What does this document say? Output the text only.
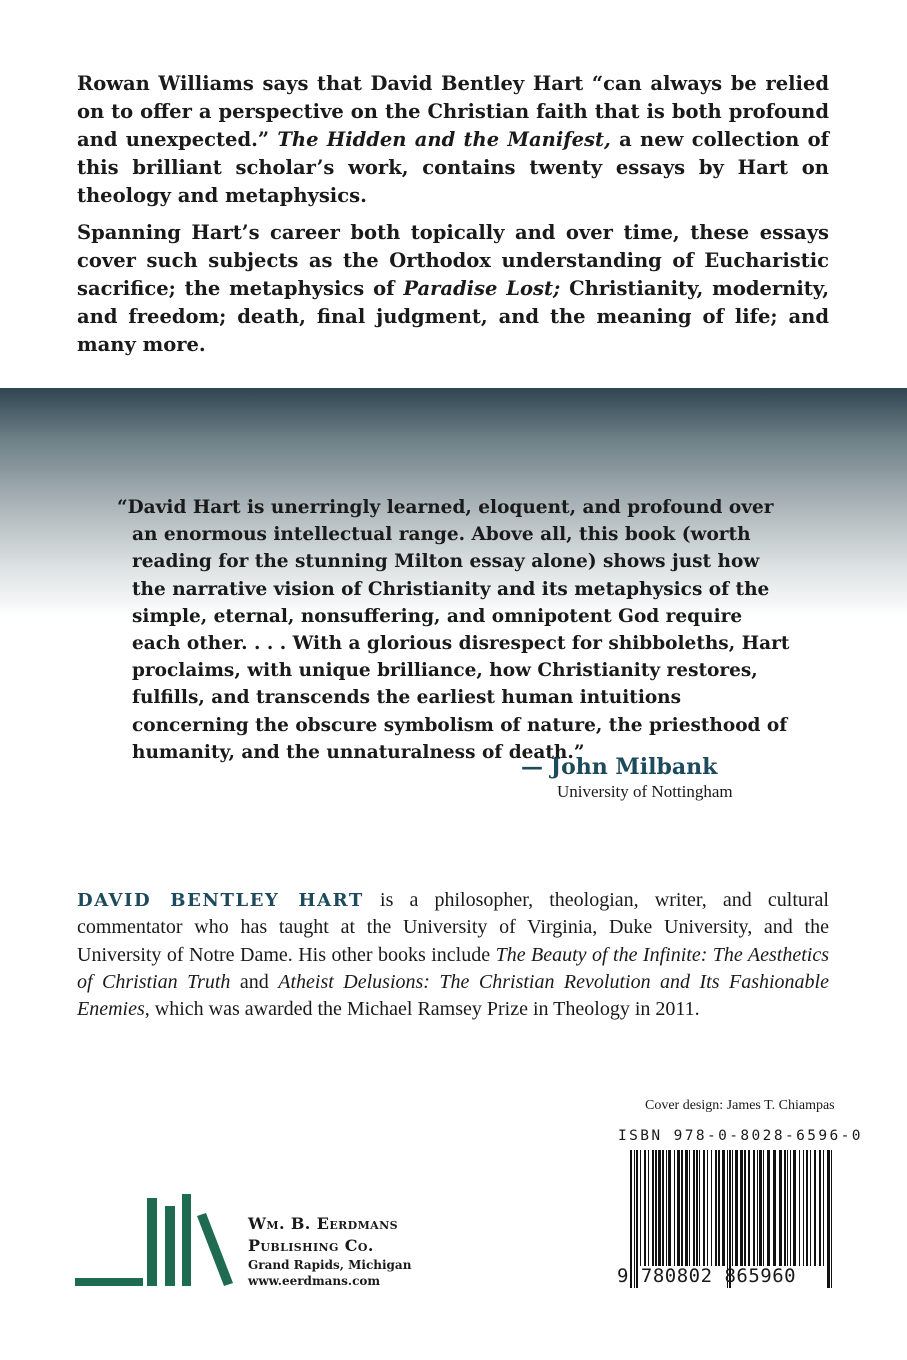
Rowan Williams says that David Bentley Hart “can always be relied on to offer a perspective on the Christian faith that is both profound and unexpected.” The Hidden and the Manifest, a new collection of this brilliant scholar’s work, contains twenty essays by Hart on theology and metaphysics.

Spanning Hart’s career both topically and over time, these essays cover such subjects as the Orthodox understanding of Eucharistic sacrifice; the metaphysics of Paradise Lost; Christianity, modernity, and freedom; death, final judgment, and the meaning of life; and many more.

“David Hart is unerringly learned, eloquent, and profound over an enormous intellectual range. Above all, this book (worth reading for the stunning Milton essay alone) shows just how the narrative vision of Christianity and its metaphysics of the simple, eternal, nonsuffering, and omnipotent God require each other. . . . With a glorious disrespect for shibboleths, Hart proclaims, with unique brilliance, how Christianity restores, fulfills, and transcends the earliest human intuitions concerning the obscure symbolism of nature, the priesthood of humanity, and the unnaturalness of death.”

— John Milbank
University of Nottingham
DAVID BENTLEY HART is a philosopher, theologian, writer, and cultural commentator who has taught at the University of Virginia, Duke University, and the University of Notre Dame. His other books include The Beauty of the Infinite: The Aesthetics of Christian Truth and Atheist Delusions: The Christian Revolution and Its Fashionable Enemies, which was awarded the Michael Ramsey Prize in Theology in 2011.
Cover design: James T. Chiampas
ISBN 978-0-8028-6596-0
9 780802 865960
Wm. B. Eerdmans
Publishing Co.
Grand Rapids, Michigan
www.eerdmans.com
